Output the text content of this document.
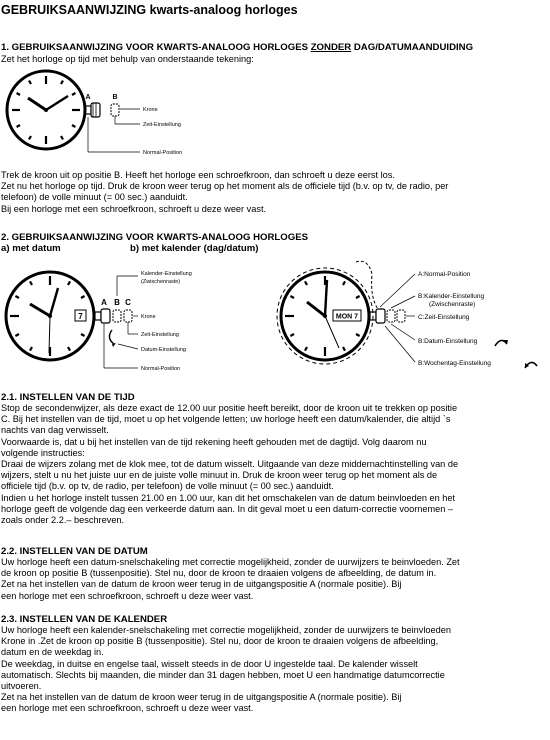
GEBRUIKSAANWIJZING kwarts-analoog horloges
1. GEBRUIKSAANWIJZING VOOR KWARTS-ANALOOG HORLOGES ZONDER DAG/DATUMAANDUIDING
Zet het horloge op tijd met behulp van onderstaande tekening:
A	B
Krone
Zeit-Einstellung
Normal-Position
Trek de kroon uit op positie B. Heeft het horloge een schroefkroon, dan schroeft u deze eerst los.
Zet nu het horloge op tijd. Druk de kroon weer terug op het moment als de officiele tijd (b.v. op tv, de radio, per
telefoon) de volle minuut (= 00 sec.) aanduidt.
Bij een horloge met een schroefkroon, schroeft u deze weer vast.
2. GEBRUIKSAANWIJZING VOOR KWARTS-ANALOOG HORLOGES
a) met datum	b) met kalender (dag/datum)
7
A B C
Kalender-Einstellung
(Zwischenraste)
Krone
Zeit-Einstellung
Datum-Einstellung
Normal-Position
MON 7
A:Normal-Position
B:Kalender-Einstellung
(Zwischenraste)
C:Zeit-Einstellung
B:Datum-Einstellung
B:Wochentag-Einstellung
2.1. INSTELLEN VAN DE TIJD
Stop de secondenwijzer, als deze exact de 12.00 uur positie heeft bereikt, door de kroon uit te trekken op positie
C. Bij het instellen van de tijd, moet u op het volgende letten; uw horloge heeft een datum/kalender, die altijd `s
nachts van dag verwisselt.
Voorwaarde is, dat u bij het instellen van de tijd rekening heeft gehouden met de dagtijd. Volg daarom nu
volgende instructies:
Draai de wijzers zolang met de klok mee, tot de datum wisselt. Uitgaande van deze middernachtinstelling van de
wijzers, stelt u nu het juiste uur en de juiste volle minuut in. Druk de kroon weer terug op het moment als de
officiele tijd (b.v. op tv, de radio, per telefoon) de volle minuut (= 00 sec.) aanduidt.
Indien u het horloge instelt tussen 21.00 en 1.00 uur, kan dit het omschakelen van de datum beinvloeden en het
horloge geeft de volgende dag een verkeerde datum aan. In dit geval moet u een datum-correctie voornemen –
zoals onder 2.2.– beschreven.
2.2. INSTELLEN VAN DE DATUM
Uw horloge heeft een datum-snelschakeling met correctie mogelijkheid, zonder de uurwijzers te beinvloeden. Zet
de kroon op positie B (tussenpositie). Stel nu, door de kroon te draaien volgens de afbeelding, de datum in.
Zet na het instellen van de datum de kroon weer terug in de uitgangspositie A (normale positie). Bij
een horloge met een schroefkroon, schroeft u deze weer vast.
2.3. INSTELLEN VAN DE KALENDER
Uw horloge heeft een kalender-snelschakeling met correctie mogelijkheid, zonder de uurwijzers te beinvloeden
Krone in .Zet de kroon op positie B (tussenpositie). Stel nu, door de kroon te draaien volgens de afbeelding,
datum en de weekdag in.
De weekdag, in duitse en engelse taal, wisselt steeds in de door U ingestelde taal. De kalender wisselt
automatisch. Slechts bij maanden, die minder dan 31 dagen hebben, moet U een handmatige datumcorrectie
uitvoeren.
Zet na het instellen van de datum de kroon weer terug in de uitgangspositie A (normale positie). Bij
een horloge met een schroefkroon, schroeft u deze weer vast.
